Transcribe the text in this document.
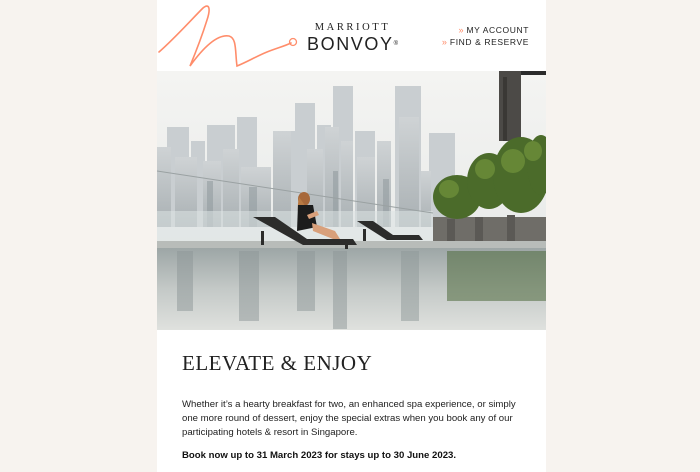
MARRIOTT
BONVOY®
» MY ACCOUNT
» FIND & RESERVE
ELEVATE & ENJOY

Whether it’s a hearty breakfast for two, an enhanced spa experience, or simply one more round of dessert, enjoy the special extras when you book any of our participating hotels & resort in Singapore.

Book now up to 31 March 2023 for stays up to 30 June 2023.
